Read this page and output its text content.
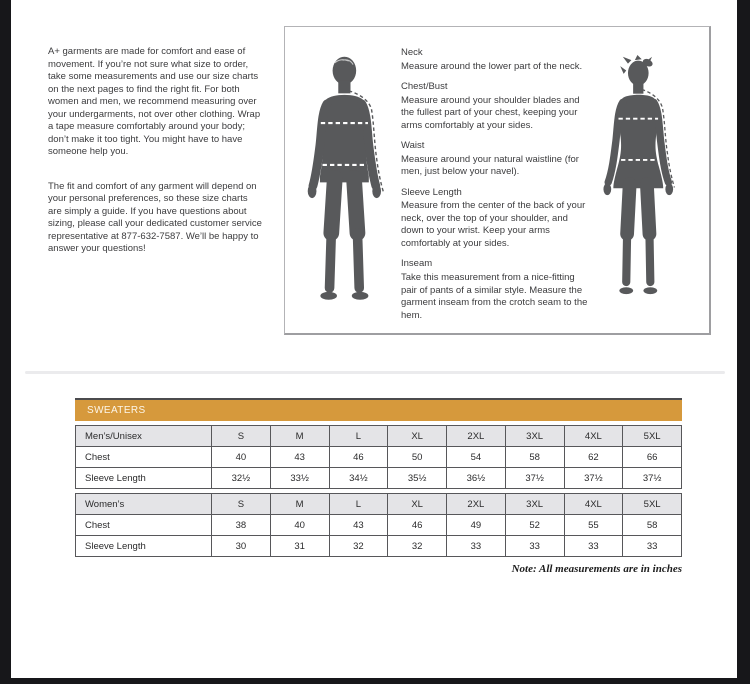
A+ garments are made for comfort and ease of movement. If you’re not sure what size to order, take some measurements and use our size charts on the next pages to find the right fit. For both women and men, we recommend measuring over your undergarments, not over other clothing. Wrap a tape measure comfortably around your body; don’t make it too tight. You might have to have someone help you.

The fit and comfort of any garment will depend on your personal preferences, so these size charts are simply a guide. If you have questions about sizing, please call your dedicated customer service representative at 877-632-7587. We’ll be happy to answer your questions!

Neck
Measure around the lower part of the neck.
Chest/Bust
Measure around your shoulder blades and the fullest part of your chest, keeping your arms comfortably at your sides.
Waist
Measure around your natural waistline (for men, just below your navel).
Sleeve Length
Measure from the center of the back of your neck, over the top of your shoulder, and down to your wrist. Keep your arms comfortably at your sides.
Inseam
Take this measurement from a nice-fitting pair of pants of a similar style. Measure the garment inseam from the crotch seam to the hem.
SWEATERS
Men’s/Unisex	S	M	L	XL	2XL	3XL	4XL	5XL
Chest	40	43	46	50	54	58	62	66
Sleeve Length	32½	33½	34½	35½	36½	37½	37½	37½
Women’s	S	M	L	XL	2XL	3XL	4XL	5XL
Chest	38	40	43	46	49	52	55	58
Sleeve Length	30	31	32	32	33	33	33	33
Note: All measurements are in inches
